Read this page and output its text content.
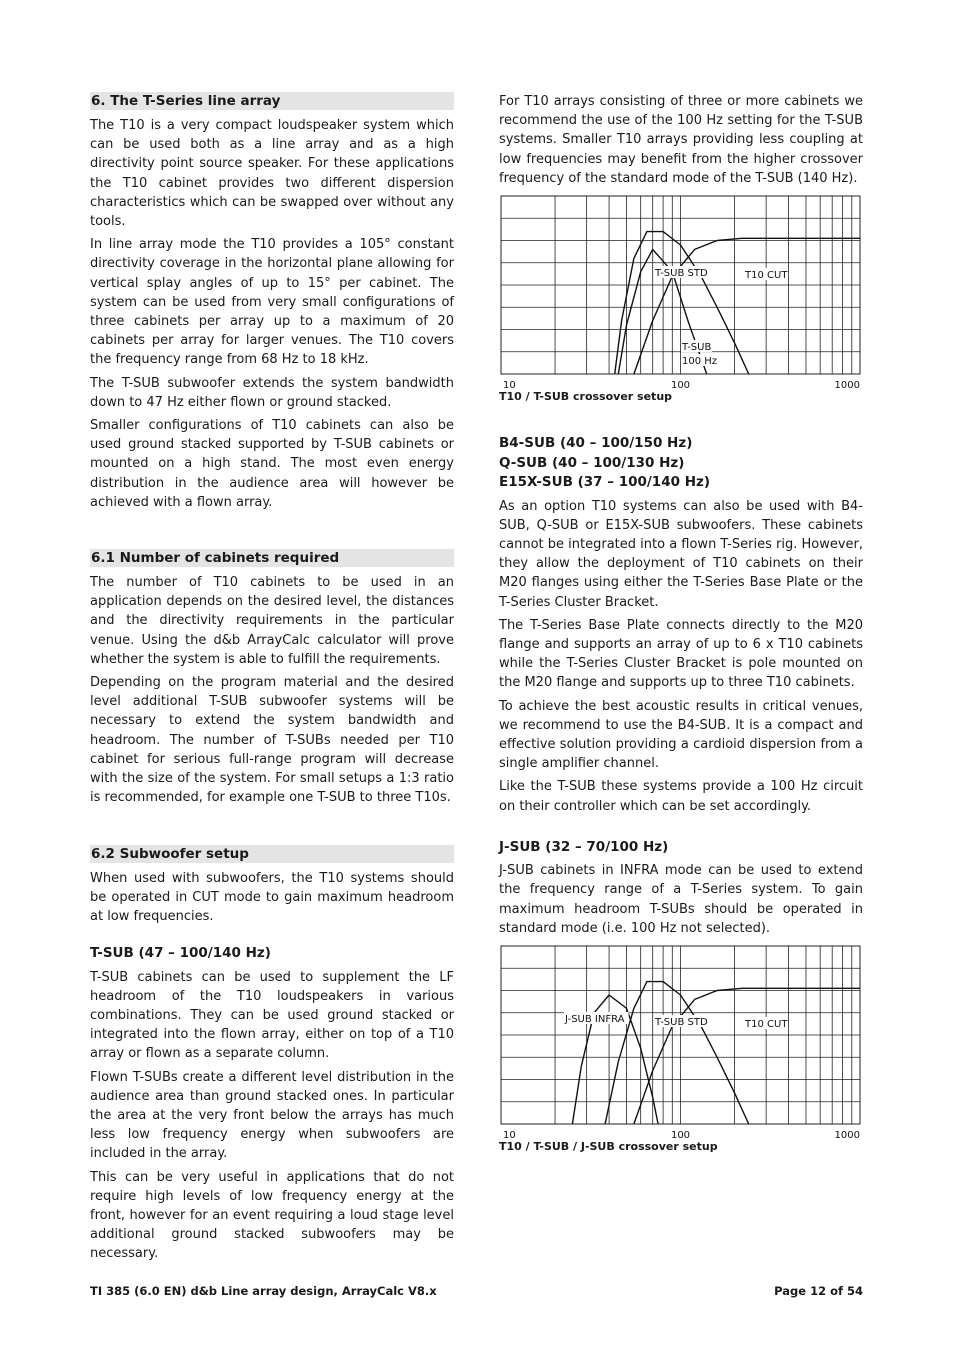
6. The T-Series line array

The T10 is a very compact loudspeaker system which can be used both as a line array and as a high directivity point source speaker. For these applications the T10 cabinet provides two different dispersion characteristics which can be swapped over without any tools.

In line array mode the T10 provides a 105° constant directivity coverage in the horizontal plane allowing for vertical splay angles of up to 15° per cabinet. The system can be used from very small configurations of three cabinets per array up to a maximum of 20 cabinets per array for larger venues. The T10 covers the frequency range from 68 Hz to 18 kHz.

The T-SUB subwoofer extends the system bandwidth down to 47 Hz either flown or ground stacked.

Smaller configurations of T10 cabinets can also be used ground stacked supported by T-SUB cabinets or mounted on a high stand. The most even energy distribution in the audience area will however be achieved with a flown array.

6.1 Number of cabinets required

The number of T10 cabinets to be used in an application depends on the desired level, the distances and the directivity requirements in the particular venue. Using the d&b ArrayCalc calculator will prove whether the system is able to fulfill the requirements.

Depending on the program material and the desired level additional T-SUB subwoofer systems will be necessary to extend the system bandwidth and headroom. The number of T-SUBs needed per T10 cabinet for serious full-range program will decrease with the size of the system. For small setups a 1:3 ratio is recommended, for example one T-SUB to three T10s.

6.2 Subwoofer setup

When used with subwoofers, the T10 systems should be operated in CUT mode to gain maximum headroom at low frequencies.

T-SUB (47 – 100/140 Hz)

T-SUB cabinets can be used to supplement the LF headroom of the T10 loudspeakers in various combinations. They can be used ground stacked or integrated into the flown array, either on top of a T10 array or flown as a separate column.

Flown T-SUBs create a different level distribution in the audience area than ground stacked ones. In particular the area at the very front below the arrays has much less low frequency energy when subwoofers are included in the array.

This can be very useful in applications that do not require high levels of low frequency energy at the front, however for an event requiring a loud stage level additional ground stacked subwoofers may be necessary.

For T10 arrays consisting of three or more cabinets we recommend the use of the 100 Hz setting for the T-SUB systems. Smaller T10 arrays providing less coupling at low frequencies may benefit from the higher crossover frequency of the standard mode of the T-SUB (140 Hz).

T-SUB STD	T10 CUT
T-SUB
100 Hz
10	100	1000
T10 / T-SUB crossover setup
B4-SUB (40 – 100/150 Hz)
Q-SUB (40 – 100/130 Hz)
E15X-SUB (37 – 100/140 Hz)

As an option T10 systems can also be used with B4-SUB, Q-SUB or E15X-SUB subwoofers. These cabinets cannot be integrated into a flown T-Series rig. However, they allow the deployment of T10 cabinets on their M20 flanges using either the T-Series Base Plate or the T-Series Cluster Bracket.

The T-Series Base Plate connects directly to the M20 flange and supports an array of up to 6 x T10 cabinets while the T-Series Cluster Bracket is pole mounted on the M20 flange and supports up to three T10 cabinets.

To achieve the best acoustic results in critical venues, we recommend to use the B4-SUB. It is a compact and effective solution providing a cardioid dispersion from a single amplifier channel.

Like the T-SUB these systems provide a 100 Hz circuit on their controller which can be set accordingly.

J-SUB (32 – 70/100 Hz)

J-SUB cabinets in INFRA mode can be used to extend the frequency range of a T-Series system. To gain maximum headroom T-SUBs should be operated in standard mode (i.e. 100 Hz not selected).

J-SUB INFRA	T-SUB STD	T10 CUT
10	100	1000
T10 / T-SUB / J-SUB crossover setup
TI 385 (6.0 EN) d&b Line array design, ArrayCalc V8.x	Page 12 of 54
